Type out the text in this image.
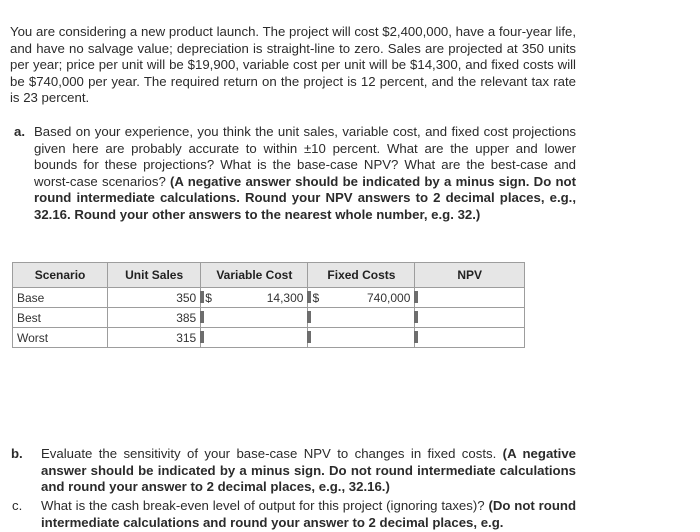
You are considering a new product launch. The project will cost $2,400,000, have a four-year life, and have no salvage value; depreciation is straight-line to zero. Sales are projected at 350 units per year; price per unit will be $19,900, variable cost per unit will be $14,300, and fixed costs will be $740,000 per year. The required return on the project is 12 percent, and the relevant tax rate is 23 percent.
a. Based on your experience, you think the unit sales, variable cost, and fixed cost projections given here are probably accurate to within ±10 percent. What are the upper and lower bounds for these projections? What is the base-case NPV? What are the best-case and worst-case scenarios? (A negative answer should be indicated by a minus sign. Do not round intermediate calculations. Round your NPV answers to 2 decimal places, e.g., 32.16. Round your other answers to the nearest whole number, e.g. 32.)
Scenario	Unit Sales	Variable Cost	Fixed Costs	NPV
Base	350	$ 14,300	$ 740,000	
Best	385			
Worst	315			
b. Evaluate the sensitivity of your base-case NPV to changes in fixed costs. (A negative answer should be indicated by a minus sign. Do not round intermediate calculations and round your answer to 2 decimal places, e.g., 32.16.)
c. What is the cash break-even level of output for this project (ignoring taxes)? (Do not round intermediate calculations and round your answer to 2 decimal places, e.g.
